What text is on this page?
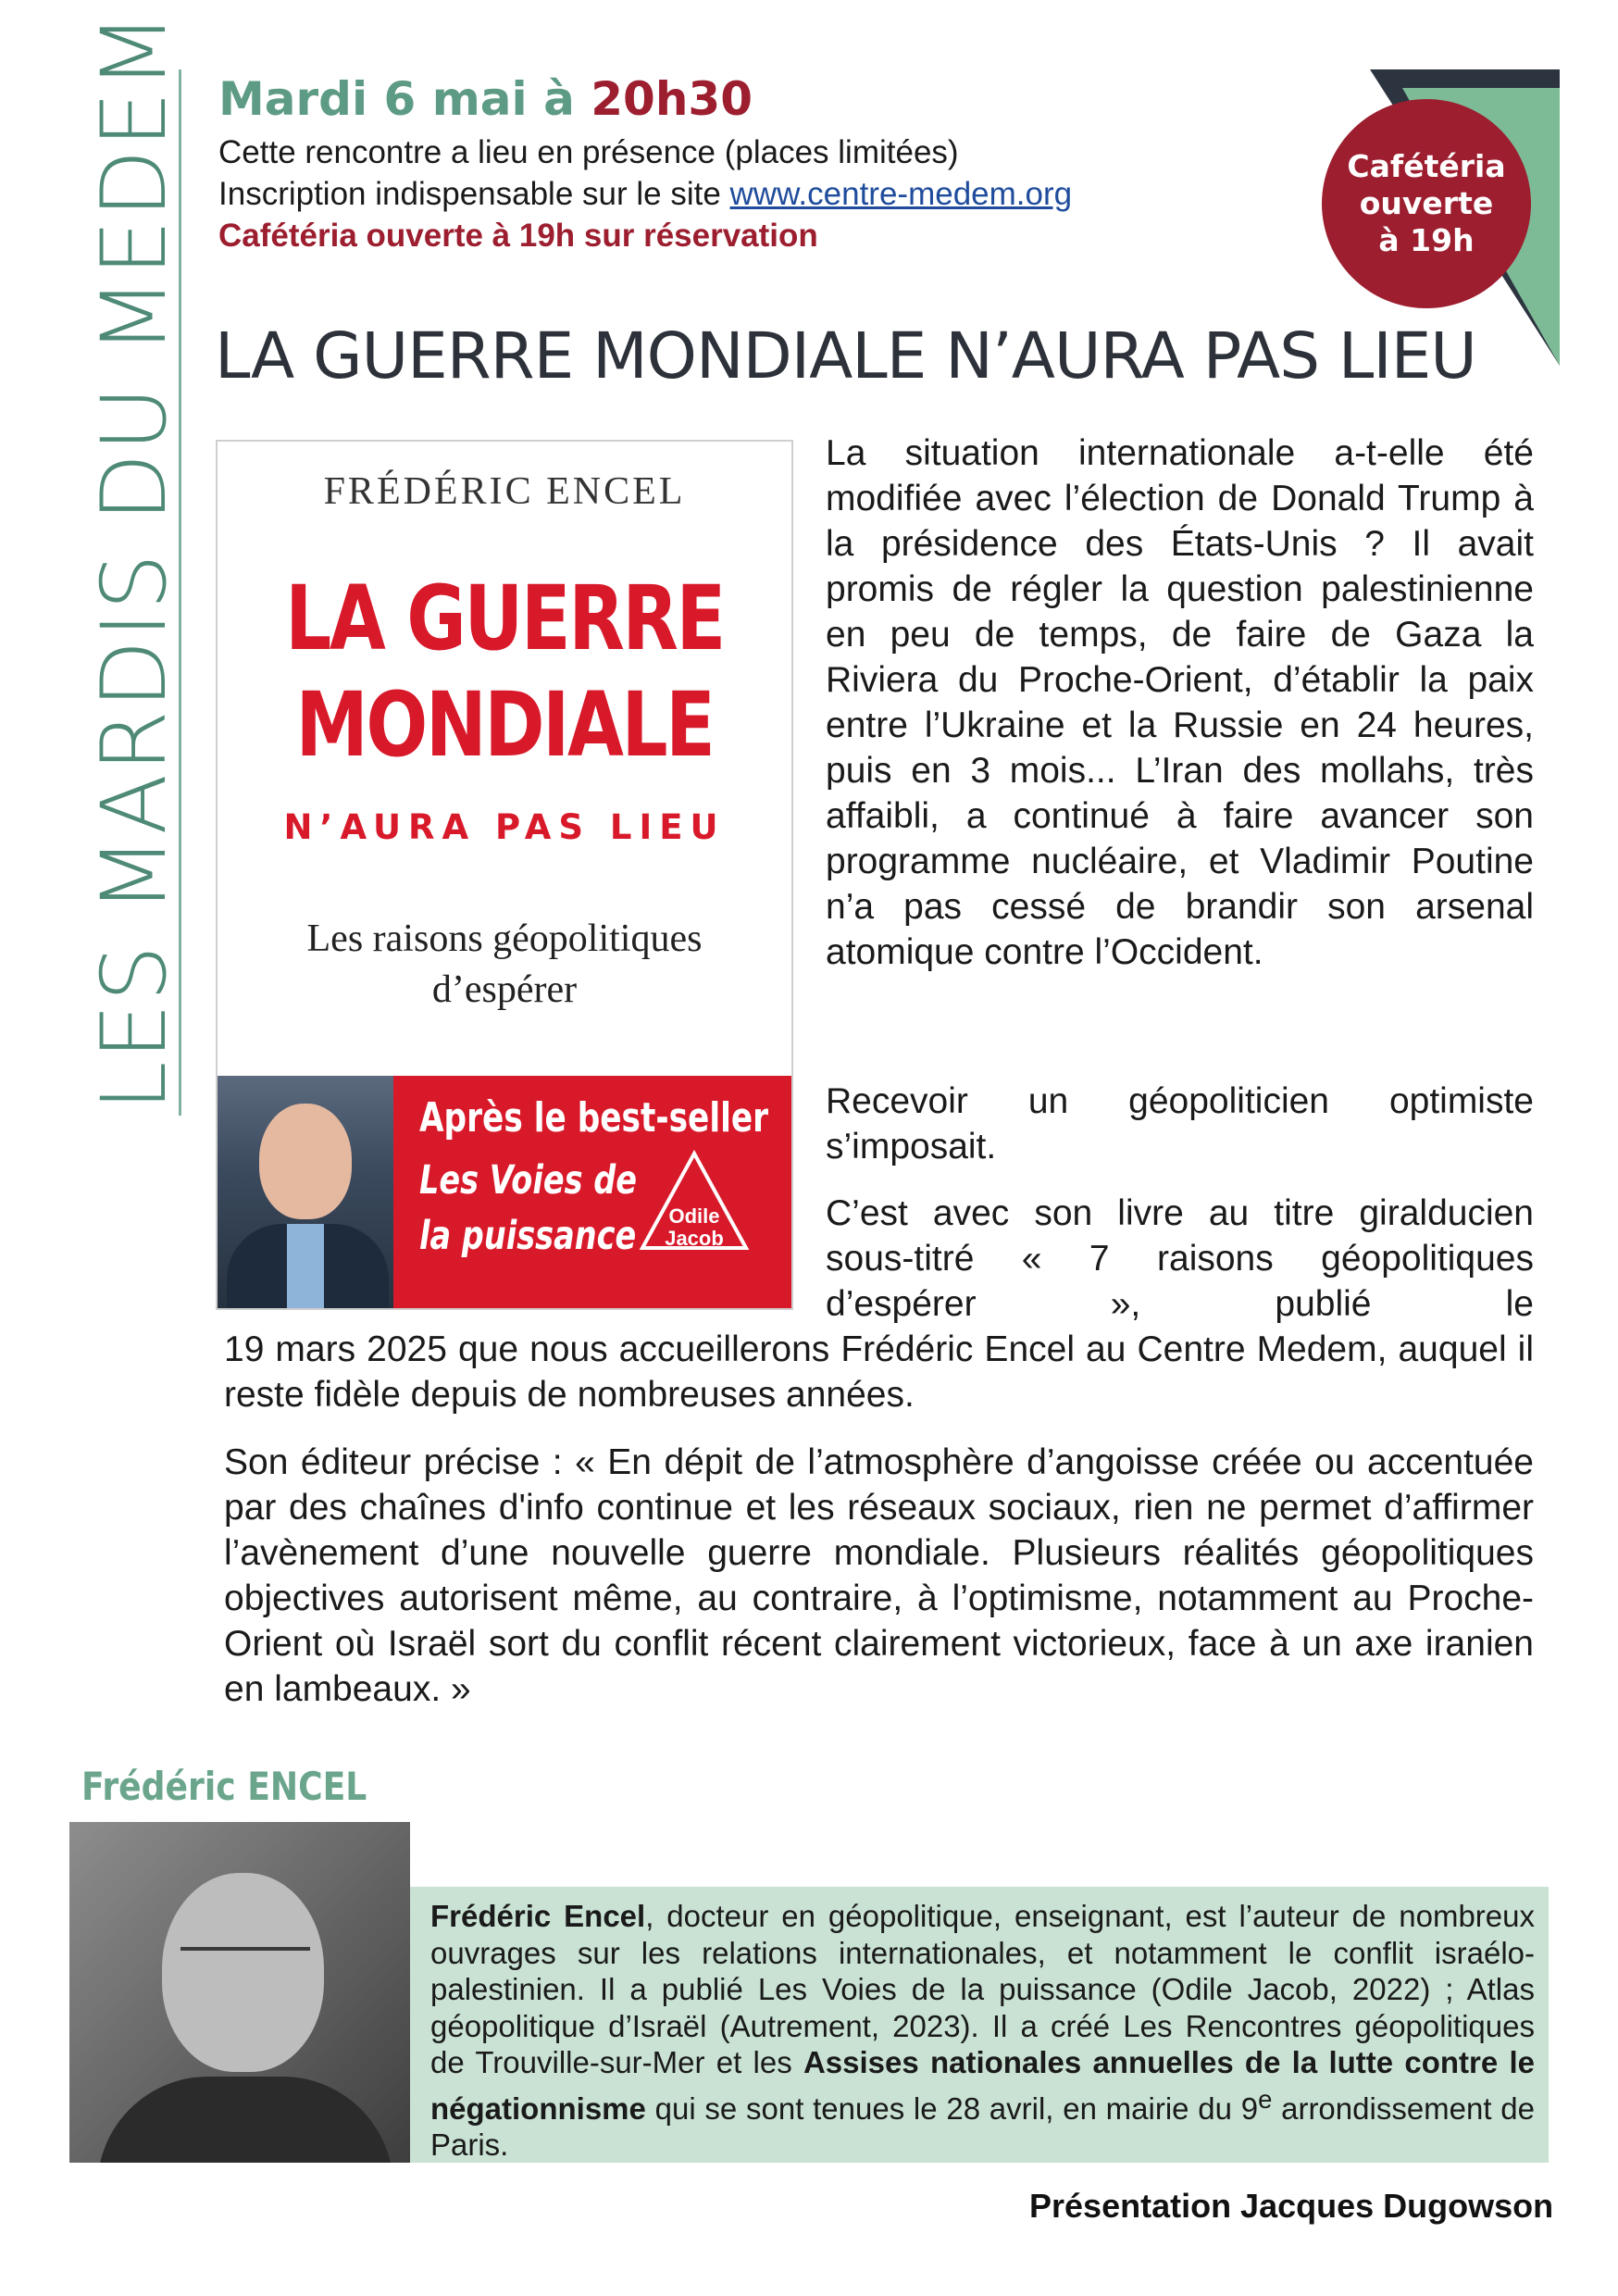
LES MARDIS DU MEDEM Mardi 6 mai à 20h30
Cette rencontre a lieu en présence (places limitées)
Inscription indispensable sur le site www.centre-medem.org
Cafétéria ouverte à 19h sur réservation
Cafétéria
ouverte
à 19h
LA GUERRE MONDIALE N’AURA PAS LIEU
FRÉDÉRIC ENCEL
LA GUERRE
MONDIALE
N’AURA PAS LIEU
Les raisons géopolitiques
d’espérer
Après le best-seller
Les Voies de
la puissance	Odile
Jacob
La situation internationale a-t-elle été modifiée avec l’élection de Donald Trump à la présidence des États-Unis ? Il avait promis de régler la question palestinienne en peu de temps, de faire de Gaza la Riviera du Proche-Orient, d’établir la paix entre l’Ukraine et la Russie en 24 heures, puis en 3 mois... L’Iran des mollahs, très affaibli, a continué à faire avancer son programme nucléaire, et Vladimir Poutine n’a pas cessé de brandir son arsenal atomique contre l’Occident.
Recevoir un géopoliticien optimiste s’imposait.
C’est avec son livre au titre giralducien sous-titré « 7 raisons géopolitiques d’espérer », publié le
19 mars 2025 que nous accueillerons Frédéric Encel au Centre Medem, auquel il reste fidèle depuis de nombreuses années.
Son éditeur précise : « En dépit de l’atmosphère d’angoisse créée ou accentuée par des chaînes d'info continue et les réseaux sociaux, rien ne permet d’affirmer l’avènement d’une nouvelle guerre mondiale. Plusieurs réalités géopolitiques objectives autorisent même, au contraire, à l’optimisme, notamment au Proche-Orient où Israël sort du conflit récent clairement victorieux, face à un axe iranien en lambeaux. »
Frédéric ENCEL
Frédéric Encel, docteur en géopolitique, enseignant, est l’auteur de nombreux ouvrages sur les relations internationales, et notamment le conflit israélo-palestinien. Il a publié Les Voies de la puissance (Odile Jacob, 2022) ; Atlas géopolitique d’Israël (Autrement, 2023). Il a créé Les Rencontres géopolitiques de Trouville-sur-Mer et les Assises nationales annuelles de la lutte contre le négationnisme qui se sont tenues le 28 avril, en mairie du 9e arrondissement de Paris.
Présentation Jacques Dugowson
